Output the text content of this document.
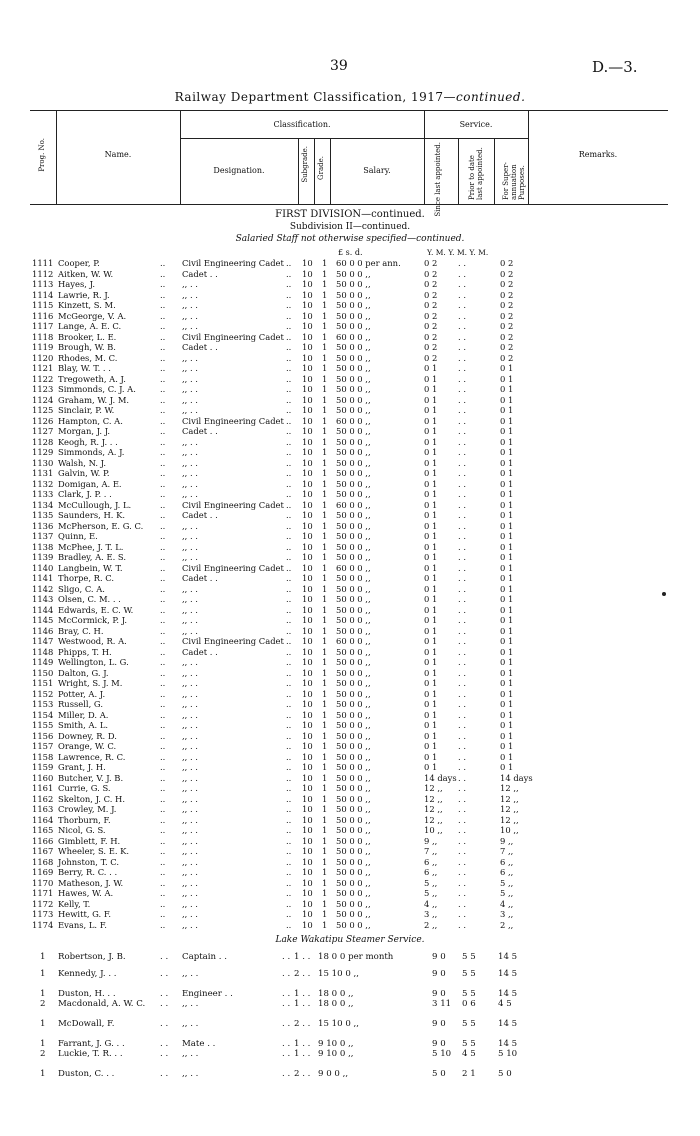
39	D.—3.
Railway Department Classification, 1917—continued.
Prog. No.	Name.
Classification.
Designation.	Subgrade. Grade.	Salary.
Service.
Since last appointed.	Prior to date last appointed.	For Super-annuation Purposes.
Remarks.
FIRST DIVISION—continued.
Subdivision II—continued.
Salaried Staff not otherwise specified—continued.
£ s. d.	Y. M. Y. M. Y. M.
1111 Cooper, P.	.. Civil Engineering Cadet 10 1 60 0 0 per ann.	0 2 . .	0 2
..
1112 Aitken, W. W.	.. Cadet . .	10 1 50 0 0 ,,	0 2 . .	0 2
..
1113 Hayes, J.	.. ,, . .	10 1 50 0 0 ,,	0 2 . .	0 2
..
1114 Lawrie, R. J.	.. ,, . .	10 1 50 0 0 ,,	0 2 . .	0 2
..
1115 Kinzett, S. M.	.. ,, . .	10 1 50 0 0 ,,	0 2 . .	0 2
..
1116 McGeorge, V. A.	.. ,, . .	10 1 50 0 0 ,,	0 2 . .	0 2
..
1117 Lange, A. E. C.	.. ,, . .	10 1 50 0 0 ,,	0 2 . .	0 2
..
1118 Brooker, L. E.	.. Civil Engineering Cadet 10 1 60 0 0 ,,	0 2 . .	0 2
..
1119 Brough, W. B.	.. Cadet . .	10 1 50 0 0 ,,	0 2 . .	0 2
..
1120 Rhodes, M. C.	.. ,, . .	10 1 50 0 0 ,,	0 2 . .	0 2
..
1121 Blay, W. T. . .	.. ,, . .	10 1 50 0 0 ,,	0 1 . .	0 1
..
1122 Tregoweth, A. J.	.. ,, . .	10 1 50 0 0 ,,	0 1 . .	0 1
..
1123 Simmonds, C. J. A.	.. ,, . .	10 1 50 0 0 ,,	0 1 . .	0 1
..
1124 Graham, W. J. M.	.. ,, . .	10 1 50 0 0 ,,	0 1 . .	0 1
..
1125 Sinclair, P. W.	.. ,, . .	10 1 50 0 0 ,,	0 1 . .	0 1
..
1126 Hampton, C. A.	.. Civil Engineering Cadet 10 1 60 0 0 ,,	0 1 . .	0 1
..
1127 Morgan, J. J.	.. Cadet . .	10 1 50 0 0 ,,	0 1 . .	0 1
..
1128 Keogh, R. J. . .	.. ,, . .	10 1 50 0 0 ,,	0 1 . .	0 1
..
1129 Simmonds, A. J.	.. ,, . .	10 1 50 0 0 ,,	0 1 . .	0 1
..
1130 Walsh, N. J.	.. ,, . .	10 1 50 0 0 ,,	0 1 . .	0 1
..
1131 Galvin, W. P.	.. ,, . .	10 1 50 0 0 ,,	0 1 . .	0 1
..
1132 Domigan, A. E.	.. ,, . .	10 1 50 0 0 ,,	0 1 . .	0 1
..
1133 Clark, J. P. . .	.. ,, . .	10 1 50 0 0 ,,	0 1 . .	0 1
..
1134 McCullough, J. L.	.. Civil Engineering Cadet 10 1 60 0 0 ,,	0 1 . .	0 1
..
1135 Saunders, H. K.	.. Cadet . .	10 1 50 0 0 ,,	0 1 . .	0 1
..
1136 McPherson, E. G. C. .. ,, . .	10 1 50 0 0 ,,	0 1 . .	0 1
..
1137 Quinn, E.	.. ,, . .	10 1 50 0 0 ,,	0 1 . .	0 1
..
1138 McPhee, J. T. L.	.. ,, . .	10 1 50 0 0 ,,	0 1 . .	0 1
..
1139 Bradley, A. E. S.	.. ,, . .	10 1 50 0 0 ,,	0 1 . .	0 1
..
1140 Langbein, W. T.	.. Civil Engineering Cadet 10 1 60 0 0 ,,	0 1 . .	0 1
..
1141 Thorpe, R. C.	.. Cadet . .	10 1 50 0 0 ,,	0 1 . .	0 1
..
1142 Sligo, C. A.	.. ,, . .	10 1 50 0 0 ,,	0 1 . .	0 1
..
1143 Olsen, C. M. . .	.. ,, . .	10 1 50 0 0 ,,	0 1 . .	0 1
..
1144 Edwards, E. C. W.	.. ,, . .	10 1 50 0 0 ,,	0 1 . .	0 1
..
1145 McCormick, P. J.	.. ,, . .	10 1 50 0 0 ,,	0 1 . .	0 1
..
1146 Bray, C. H.	.. ,, . .	10 1 50 0 0 ,,	0 1 . .	0 1
..
1147 Westwood, R. A.	.. Civil Engineering Cadet 10 1 60 0 0 ,,	0 1 . .	0 1
..
1148 Phipps, T. H.	.. Cadet . .	10 1 50 0 0 ,,	0 1 . .	0 1
..
1149 Wellington, L. G.	.. ,, . .	10 1 50 0 0 ,,	0 1 . .	0 1
..
1150 Dalton, G. J.	.. ,, . .	10 1 50 0 0 ,,	0 1 . .	0 1
..
1151 Wright, S. J. M.	.. ,, . .	10 1 50 0 0 ,,	0 1 . .	0 1
..
1152 Potter, A. J.	.. ,, . .	10 1 50 0 0 ,,	0 1 . .	0 1
..
1153 Russell, G.	.. ,, . .	10 1 50 0 0 ,,	0 1 . .	0 1
..
1154 Miller, D. A.	.. ,, . .	10 1 50 0 0 ,,	0 1 . .	0 1
..
1155 Smith, A. L.	.. ,, . .	10 1 50 0 0 ,,	0 1 . .	0 1
..
1156 Downey, R. D.	.. ,, . .	10 1 50 0 0 ,,	0 1 . .	0 1
..
1157 Orange, W. C.	.. ,, . .	10 1 50 0 0 ,,	0 1 . .	0 1
..
1158 Lawrence, R. C.	.. ,, . .	10 1 50 0 0 ,,	0 1 . .	0 1
..
1159 Grant, J. H.	.. ,, . .	10 1 50 0 0 ,,	0 1 . .	0 1
..
1160 Butcher, V. J. B.	.. ,, . .	10 1 50 0 0 ,,	14 days . .	14 days
..
1161 Currie, G. S.	.. ,, . .	10 1 50 0 0 ,,	12 ,, . .	12 ,,
..
1162 Skelton, J. C. H.	.. ,, . .	10 1 50 0 0 ,,	12 ,, . .	12 ,,
..
1163 Crowley, M. J.	.. ,, . .	10 1 50 0 0 ,,	12 ,, . .	12 ,,
..
1164 Thorburn, F.	.. ,, . .	10 1 50 0 0 ,,	12 ,, . .	12 ,,
..
1165 Nicol, G. S.	.. ,, . .	10 1 50 0 0 ,,	10 ,, . .	10 ,,
..
1166 Gimblett, F. H.	.. ,, . .	10 1 50 0 0 ,,	9 ,, . .	9 ,,
..
1167 Wheeler, S. E. K.	.. ,, . .	10 1 50 0 0 ,,	7 ,, . .	7 ,,
..
1168 Johnston, T. C.	.. ,, . .	10 1 50 0 0 ,,	6 ,, . .	6 ,,
..
1169 Berry, R. C. . .	.. ,, . .	10 1 50 0 0 ,,	6 ,, . .	6 ,,
..
1170 Matheson, J. W.	.. ,, . .	10 1 50 0 0 ,,	5 ,, . .	5 ,,
..
1171 Hawes, W. A.	.. ,, . .	10 1 50 0 0 ,,	5 ,, . .	5 ,,
..
1172 Kelly, T.	.. ,, . .	10 1 50 0 0 ,,	4 ,, . .	4 ,,
..
1173 Hewitt, G. F.	.. ,, . .	10 1 50 0 0 ,,	3 ,, . .	3 ,,
..
1174 Evans, L. F.	.. ,, . .	10 1 50 0 0 ,,	2 ,, . .	2 ,,
..
Lake Wakatipu Steamer Service.
1 Robertson, J. B.	. . Captain . .	. . 1 . . 18 0 0 per month	9 0 5 5	14 5
1 Kennedy, J. . .	. . ,, . .	. . 2 . . 15 10 0 ,,	9 0 5 5	14 5
1 Duston, H. . .	. . Engineer . .	. . 1 . . 18 0 0 ,,	9 0 5 5	14 5
2 Macdonald, A. W. C. . . ,, . .	. . 1 . . 18 0 0 ,,	3 11 0 6	4 5
1 McDowall, F.	. . ,, . .	. . 2 . . 15 10 0 ,,	9 0 5 5	14 5
1 Farrant, J. G. . .	. . Mate . .	. . 1 . . 9 10 0 ,,	9 0 5 5	14 5
2 Luckie, T. R. . .	. . ,, . .	. . 1 . . 9 10 0 ,,	5 10 4 5	5 10
1 Duston, C. . .	. . ,, . .	. . 2 . . 9 0 0 ,,	5 0 2 1	5 0
